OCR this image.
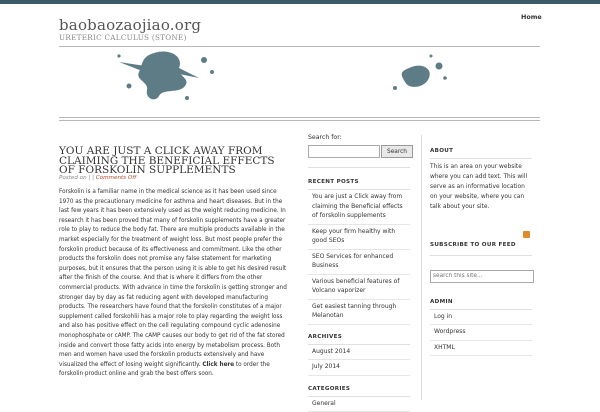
baobaozaojiao.org
URETERIC CALCULUS (STONE)
Home
YOU ARE JUST A CLICK AWAY FROM CLAIMING THE BENEFICIAL EFFECTS OF FORSKOLIN SUPPLEMENTS
Posted on | | Comments Off
Forskolin is a familiar name in the medical science as it has been used since 1970 as the precautionary medicine for asthma and heart diseases. But in the last few years it has been extensively used as the weight reducing medicine. In research it has been proved that many of forskolin supplements have a greater role to play to reduce the body fat. There are multiple products available in the market especially for the treatment of weight loss. But most people prefer the forskolin product because of its effectiveness and commitment. Like the other products the forskolin does not promise any false statement for marketing purposes, but it ensures that the person using it is able to get his desired result after the finish of the course. And that is where it differs from the other commercial products. With advance in time the forskolin is getting stronger and stronger day by day as fat reducing agent with developed manufacturing products. The researchers have found that the forskolin constitutes of a major supplement called forskohlii has a major role to play regarding the weight loss and also has positive effect on the cell regulating compound cyclic adenosine monophosphate or cAMP. The cAMP causes our body to get rid of the fat stored inside and convert those fatty acids into energy by metabolism process. Both men and women have used the forskolin products extensively and have visualized the effect of losing weight significantly. Click here to order the forskolin product online and grab the best offers soon.
Search for:
Search
RECENT POSTS
You are just a Click away from claiming the Beneficial effects of forskolin supplements
Keep your firm healthy with good SEOs
SEO Services for enhanced Business
Various beneficial features of Volcano vaporizer
Get easiest tanning through Melanotan
ARCHIVES
August 2014
July 2014
CATEGORIES
General
ABOUT
This is an area on your website where you can add text. This will serve as an informative location on your website, where you can talk about your site.
SUBSCRIBE TO OUR FEED
search this site...
ADMIN
Log in
Wordpress
XHTML
